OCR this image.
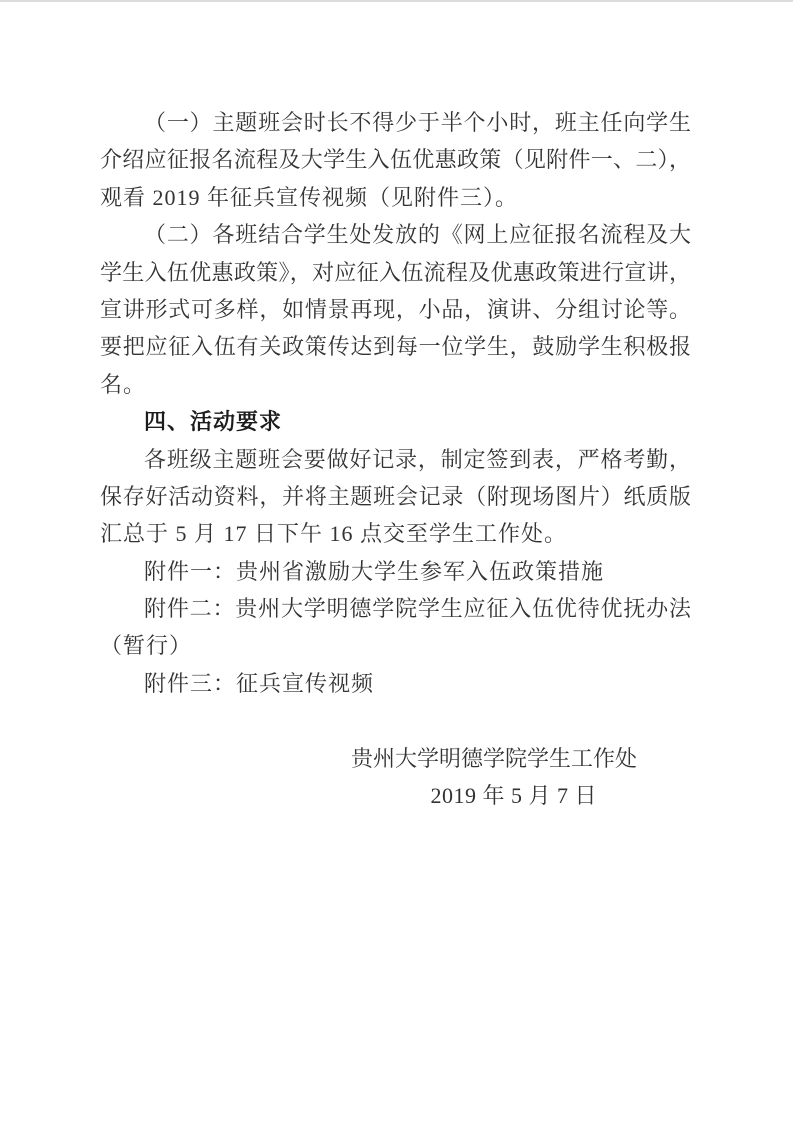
（一）主题班会时长不得少于半个小时，班主任向学生
介绍应征报名流程及大学生入伍优惠政策（见附件一、二），
观看 2019 年征兵宣传视频（见附件三）。
（二）各班结合学生处发放的《网上应征报名流程及大
学生入伍优惠政策》，对应征入伍流程及优惠政策进行宣讲，
宣讲形式可多样，如情景再现，小品，演讲、分组讨论等。
要把应征入伍有关政策传达到每一位学生，鼓励学生积极报
名。
四、活动要求
各班级主题班会要做好记录，制定签到表，严格考勤，
保存好活动资料，并将主题班会记录（附现场图片）纸质版
汇总于 5 月 17 日下午 16 点交至学生工作处。
附件一：贵州省激励大学生参军入伍政策措施
附件二：贵州大学明德学院学生应征入伍优待优抚办法
（暂行）
附件三：征兵宣传视频
贵州大学明德学院学生工作处
2019 年 5 月 7 日
